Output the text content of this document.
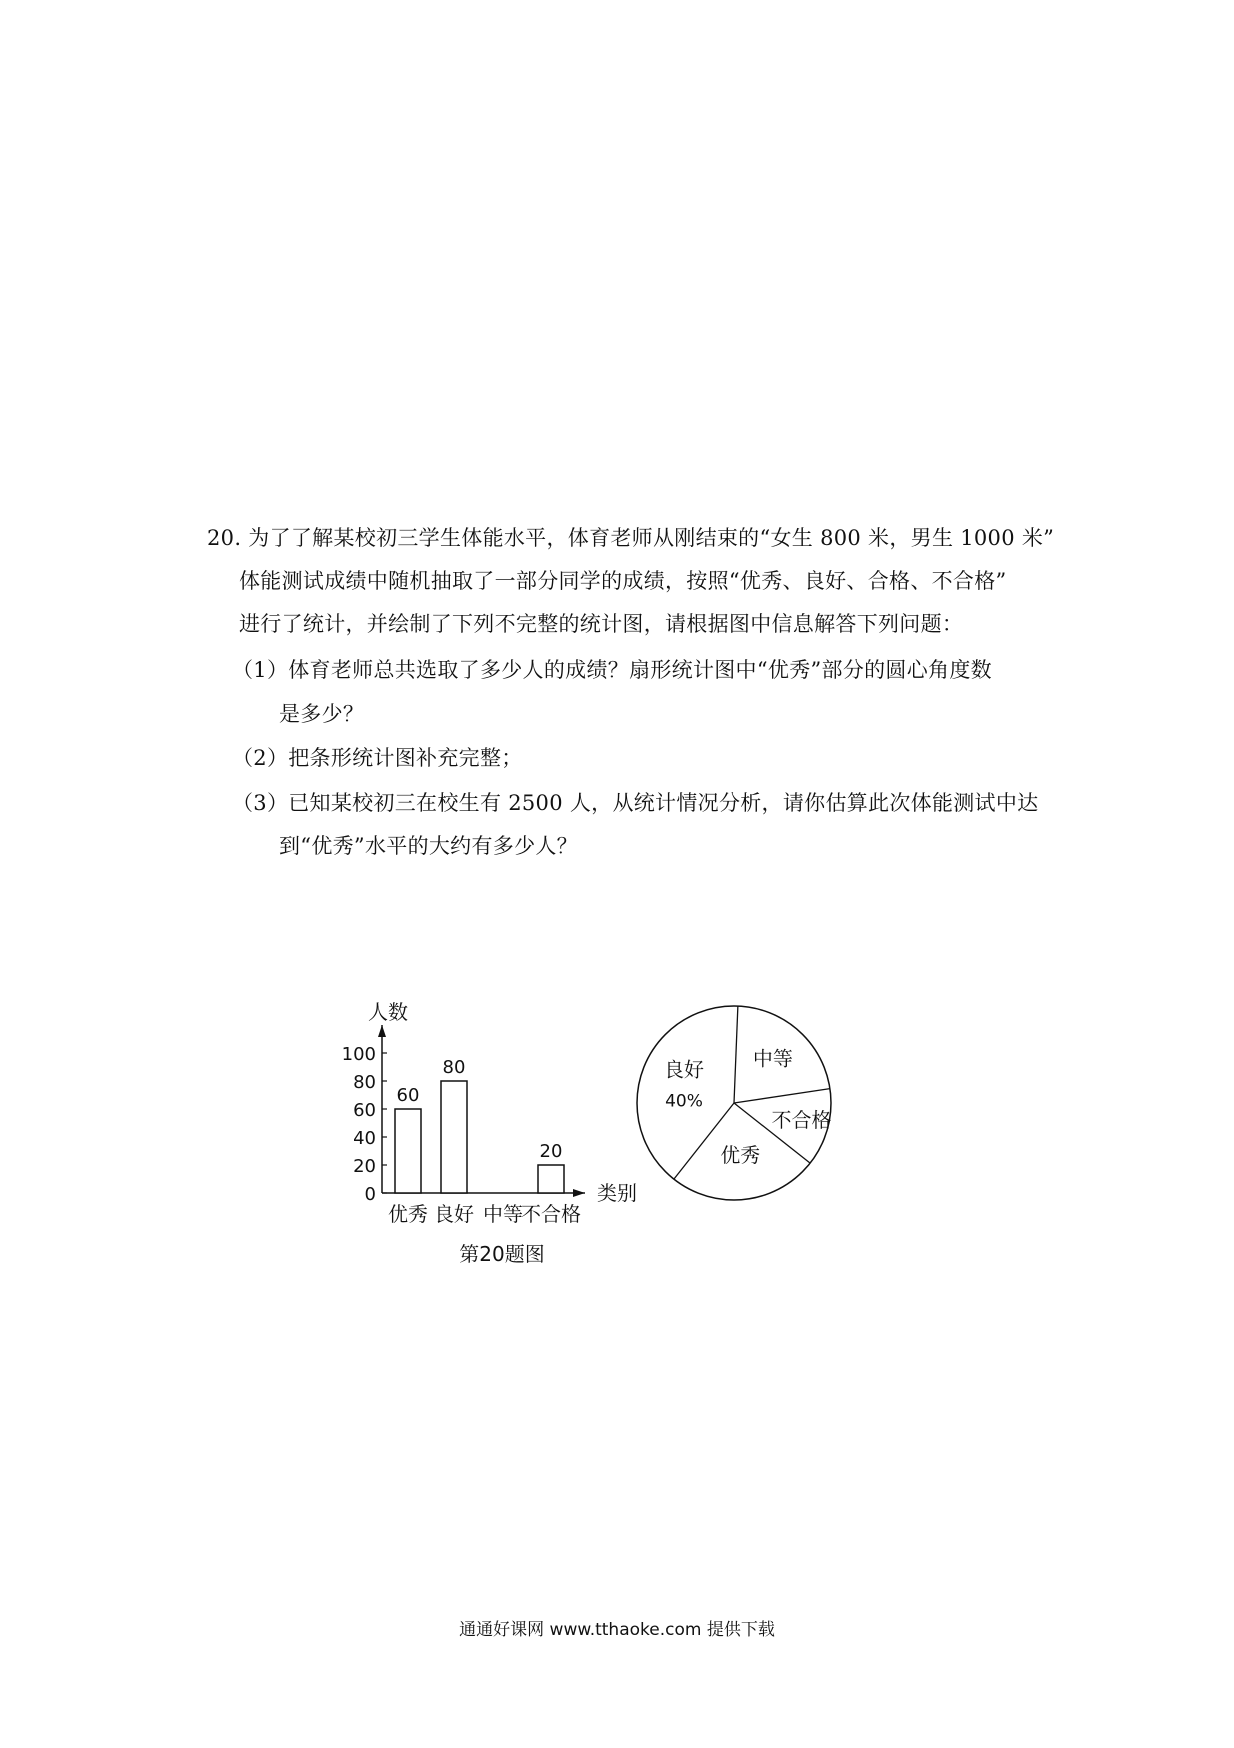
20. 为了了解某校初三学生体能水平，体育老师从刚结束的“女生 800 米，男生 1000 米”
体能测试成绩中随机抽取了一部分同学的成绩，按照“优秀、良好、合格、不合格”
进行了统计，并绘制了下列不完整的统计图，请根据图中信息解答下列问题：
（1）体育老师总共选取了多少人的成绩？扇形统计图中“优秀”部分的圆心角度数
是多少？
（2）把条形统计图补充完整；
（3）已知某校初三在校生有 2500 人，从统计情况分析，请你估算此次体能测试中达
到“优秀”水平的大约有多少人？
人数
类别
0
20
40
60
80
100
60
优秀
80
良好 中等
20
不合格
第20题图
良好
40%
中等
不合格
优秀
通通好课网 www.tthaoke.com 提供下载
